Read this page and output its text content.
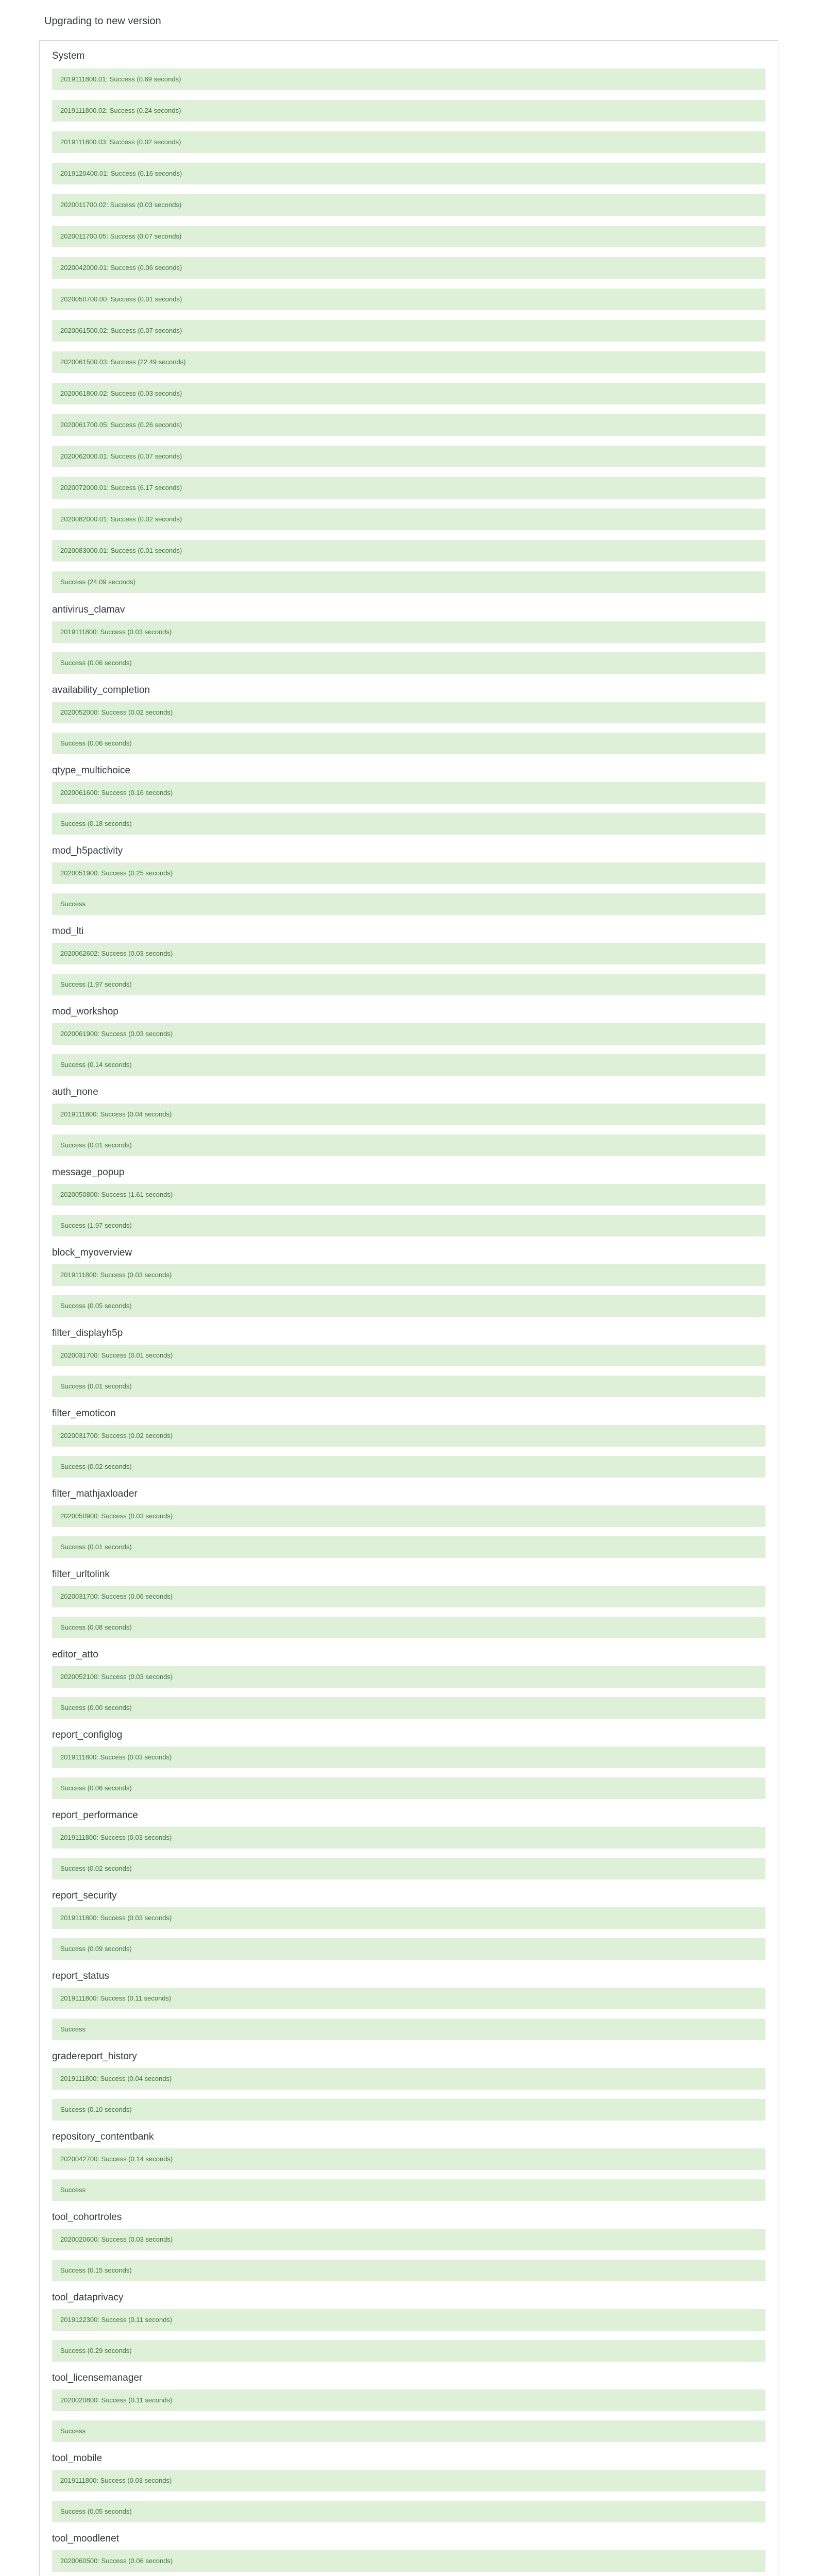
Upgrading to new version
System
2019111800.01: Success (0.69 seconds)
2019111800.02: Success (0.24 seconds)
2019111800.03: Success (0.02 seconds)
2019120400.01: Success (0.16 seconds)
2020011700.02: Success (0.03 seconds)
2020011700.05: Success (0.07 seconds)
2020042000.01: Success (0.06 seconds)
2020050700.00: Success (0.01 seconds)
2020061500.02: Success (0.07 seconds)
2020061500.03: Success (22.49 seconds)
2020061800.02: Success (0.03 seconds)
2020061700.05: Success (0.26 seconds)
2020062000.01: Success (0.07 seconds)
2020072000.01: Success (6.17 seconds)
2020082000.01: Success (0.02 seconds)
2020083000.01: Success (0.01 seconds)
Success (24.09 seconds)
antivirus_clamav
2019111800: Success (0.03 seconds)
Success (0.06 seconds)
availability_completion
2020052000: Success (0.02 seconds)
Success (0.06 seconds)
qtype_multichoice
2020061600: Success (0.16 seconds)
Success (0.18 seconds)
mod_h5pactivity
2020051900: Success (0.25 seconds)
Success
mod_lti
2020062602: Success (0.03 seconds)
Success (1.97 seconds)
mod_workshop
2020061900: Success (0.03 seconds)
Success (0.14 seconds)
auth_none
2019111800: Success (0.04 seconds)
Success (0.01 seconds)
message_popup
2020050800: Success (1.61 seconds)
Success (1.97 seconds)
block_myoverview
2019111800: Success (0.03 seconds)
Success (0.05 seconds)
filter_displayh5p
2020031700: Success (0.01 seconds)
Success (0.01 seconds)
filter_emoticon
2020031700: Success (0.02 seconds)
Success (0.02 seconds)
filter_mathjaxloader
2020050900: Success (0.03 seconds)
Success (0.01 seconds)
filter_urltolink
2020031700: Success (0.06 seconds)
Success (0.08 seconds)
editor_atto
2020052100: Success (0.03 seconds)
Success (0.00 seconds)
report_configlog
2019111800: Success (0.03 seconds)
Success (0.06 seconds)
report_performance
2019111800: Success (0.03 seconds)
Success (0.02 seconds)
report_security
2019111800: Success (0.03 seconds)
Success (0.09 seconds)
report_status
2019111800: Success (0.11 seconds)
Success
gradereport_history
2019111800: Success (0.04 seconds)
Success (0.10 seconds)
repository_contentbank
2020042700: Success (0.14 seconds)
Success
tool_cohortroles
2020020600: Success (0.03 seconds)
Success (0.15 seconds)
tool_dataprivacy
2019122300: Success (0.11 seconds)
Success (0.29 seconds)
tool_licensemanager
2020020800: Success (0.11 seconds)
Success
tool_mobile
2019111800: Success (0.03 seconds)
Success (0.05 seconds)
tool_moodlenet
2020060500: Success (0.06 seconds)
